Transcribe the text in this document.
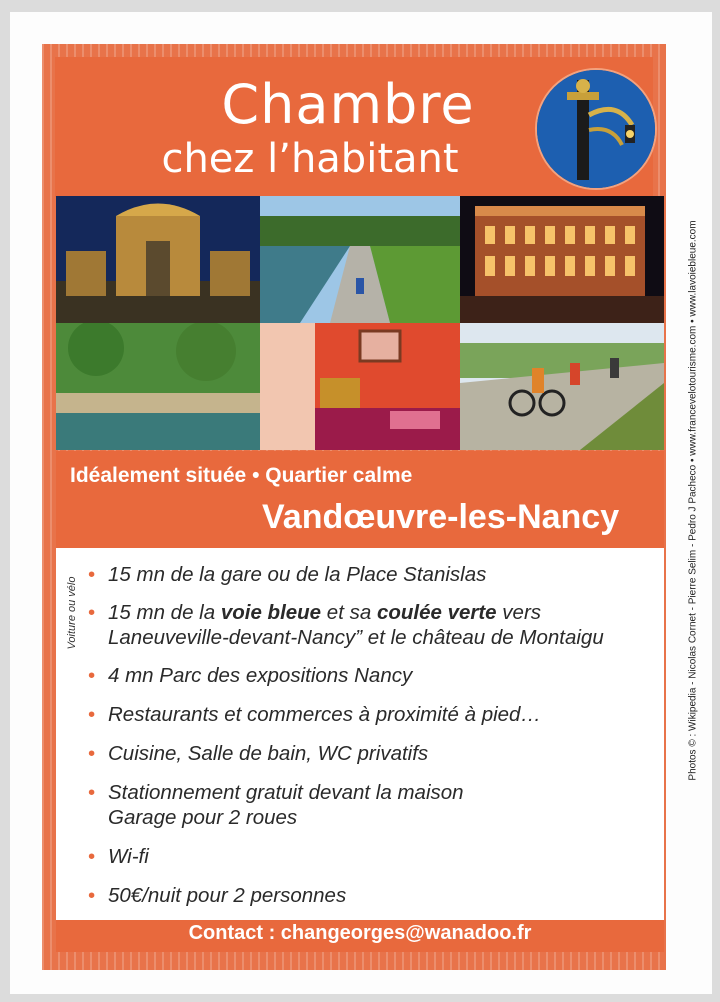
Chambre
chez l’habitant
Idéalement située • Quartier calme
Vandœuvre-les-Nancy
Voiture ou vélo
• 15 mn de la gare ou de la Place Stanislas
• 15 mn de la voie bleue et sa coulée verte vers
Laneuveville-devant-Nancy” et le château de Montaigu
• 4 mn Parc des expositions Nancy
• Restaurants et commerces à proximité à pied…
• Cuisine, Salle de bain, WC privatifs
• Stationnement gratuit devant la maison
Garage pour 2 roues
• Wi-fi
• 50€/nuit pour 2 personnes
Contact : changeorges@wanadoo.fr
Photos © : Wikipedia - Nicolas Cornet - Pierre Selim - Pedro J Pacheco • www.francevelotourisme.com • www.lavoiebleue.com
